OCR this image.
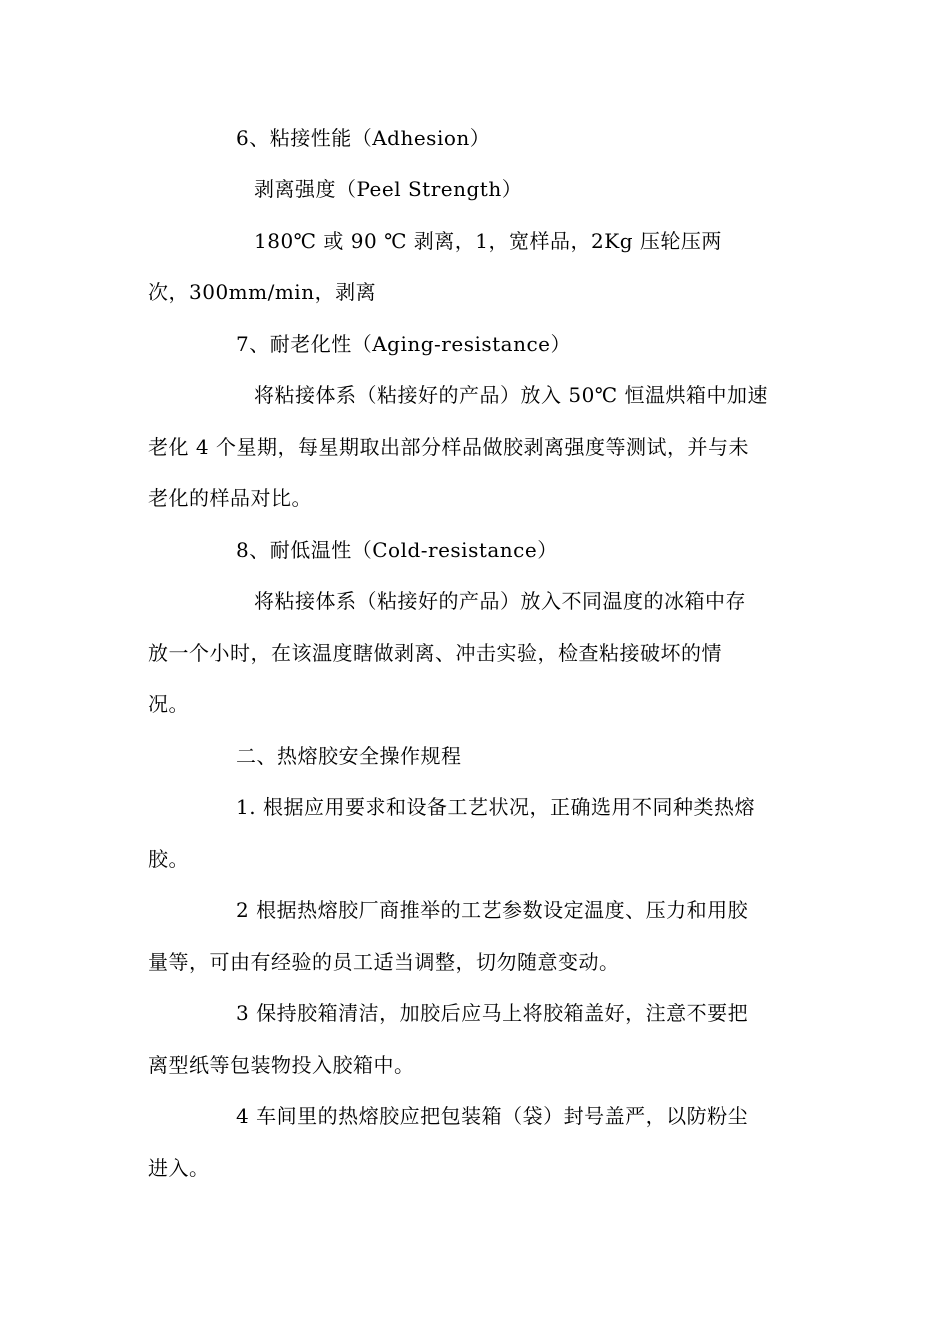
6、粘接性能（Adhesion）
剥离强度（Peel Strength）
180℃ 或 90 ℃ 剥离，1，宽样品，2Kg 压轮压两
次，300mm/min，剥离
7、耐老化性（Aging-resistance）
将粘接体系（粘接好的产品）放入 50℃ 恒温烘箱中加速
老化 4 个星期，每星期取出部分样品做胶剥离强度等测试，并与未
老化的样品对比。
8、耐低温性（Cold-resistance）
将粘接体系（粘接好的产品）放入不同温度的冰箱中存
放一个小时，在该温度瞎做剥离、冲击实验，检查粘接破坏的情
况。
二、热熔胶安全操作规程
1. 根据应用要求和设备工艺状况，正确选用不同种类热熔
胶。
2 根据热熔胶厂商推举的工艺参数设定温度、压力和用胶
量等，可由有经验的员工适当调整，切勿随意变动。
3 保持胶箱清洁，加胶后应马上将胶箱盖好，注意不要把
离型纸等包装物投入胶箱中。
4 车间里的热熔胶应把包装箱（袋）封号盖严，以防粉尘
进入。
